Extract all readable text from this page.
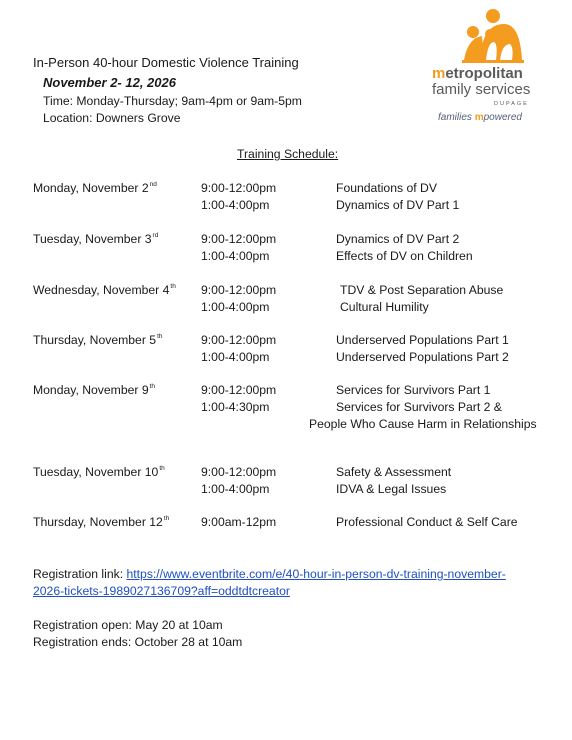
In-Person 40-hour Domestic Violence Training
November 2- 12, 2026
Time: Monday-Thursday; 9am-4pm or 9am-5pm
Location: Downers Grove
metropolitan
family services
DUPAGE
families mpowered
Training Schedule:
Monday, November 2nd	9:00-12:00pm	Foundations of DV
1:00-4:00pm	Dynamics of DV Part 1
Tuesday, November 3rd	9:00-12:00pm	Dynamics of DV Part 2
1:00-4:00pm	Effects of DV on Children
Wednesday, November 4th 9:00-12:00pm	TDV & Post Separation Abuse
1:00-4:00pm	Cultural Humility
Thursday, November 5th	9:00-12:00pm	Underserved Populations Part 1
1:00-4:00pm	Underserved Populations Part 2
Monday, November 9th	9:00-12:00pm	Services for Survivors Part 1
1:00-4:30pm	Services for Survivors Part 2 &
People Who Cause Harm in Relationships
Tuesday, November 10th	9:00-12:00pm	Safety & Assessment
1:00-4:00pm	IDVA & Legal Issues
Thursday, November 12th	9:00am-12pm	Professional Conduct & Self Care
Registration link: https://www.eventbrite.com/e/40-hour-in-person-dv-training-november-
2026-tickets-1989027136709?aff=oddtdtcreator
Registration open: May 20 at 10am
Registration ends: October 28 at 10am
